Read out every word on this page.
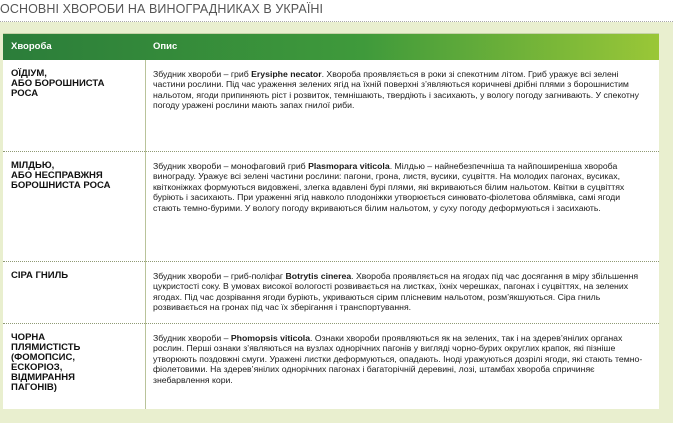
ОСНОВНІ ХВОРОБИ НА ВИНОГРАДНИКАХ В УКРАЇНІ
Хвороба	Опис
ОЇДІУМ,
АБО БОРОШНИСТА
РОСА
Збудник хвороби – гриб Erysiphe necator. Хвороба проявляється в роки зі спекотним літом. Гриб уражує всі зелені частини рослини. Під час ураження зелених ягід на їхній поверхні з’являються коричневі дрібні плями з борошнистим нальотом, ягоди припиняють ріст і розвиток, темнішають, твердіють і засихають, у вологу погоду загнивають. У спекотну погоду уражені рослини мають запах гнилої риби.
МІЛДЬЮ,
АБО НЕСПРАВЖНЯ
БОРОШНИСТА РОСА
Збудник хвороби – монофаговий гриб Plasmopara viticola. Мілдью – найнебезпечніша та найпоширеніша хвороба винограду. Уражує всі зелені частини рослини: пагони, грона, листя, вусики, суцвіття. На молодих пагонах, вусиках, квітконіжках формуються видовжені, злегка вдавлені бурі плями, які вкриваються білим нальотом. Квітки в суцвіттях буріють і засихають. При ураженні ягід навколо плодоніжки утворюється синювато-фіолетова облямівка, самі ягоди стають темно-бурими. У вологу погоду вкриваються білим нальотом, у суху погоду деформуються і засихають.
СІРА ГНИЛЬ	Збудник хвороби – гриб-поліфаг Botrytis cinerea. Хвороба проявляється на ягодах під час досягання в міру збільшення цукристості соку. В умовах високої вологості розвивається на листках, їхніх черешках, пагонах і суцвіттях, на зелених ягодах. Під час дозрівання ягоди буріють, укриваються сірим плісневим нальотом, розм’якшуються. Сіра гниль розвивається на гронах під час їх зберігання і транспортування.
ЧОРНА
ПЛЯМИСТІСТЬ
(ФОМОПСИС,
ЕСКОРІОЗ,
ВІДМИРАННЯ
ПАГОНІВ)
Збудник хвороби – Phomopsis viticola. Ознаки хвороби проявляються як на зелених, так і на здерев’янілих органах рослин. Перші ознаки з’являються на вузлах однорічних пагонів у вигляді чорно-бурих округлих крапок, які пізніше утворюють поздовжні смуги. Уражені листки деформуються, опадають. Іноді уражуються дозрілі ягоди, які стають темно-фіолетовими. На здерев’янілих однорічних пагонах і багаторічній деревині, лозі, штамбах хвороба спричиняє знебарвлення кори.
